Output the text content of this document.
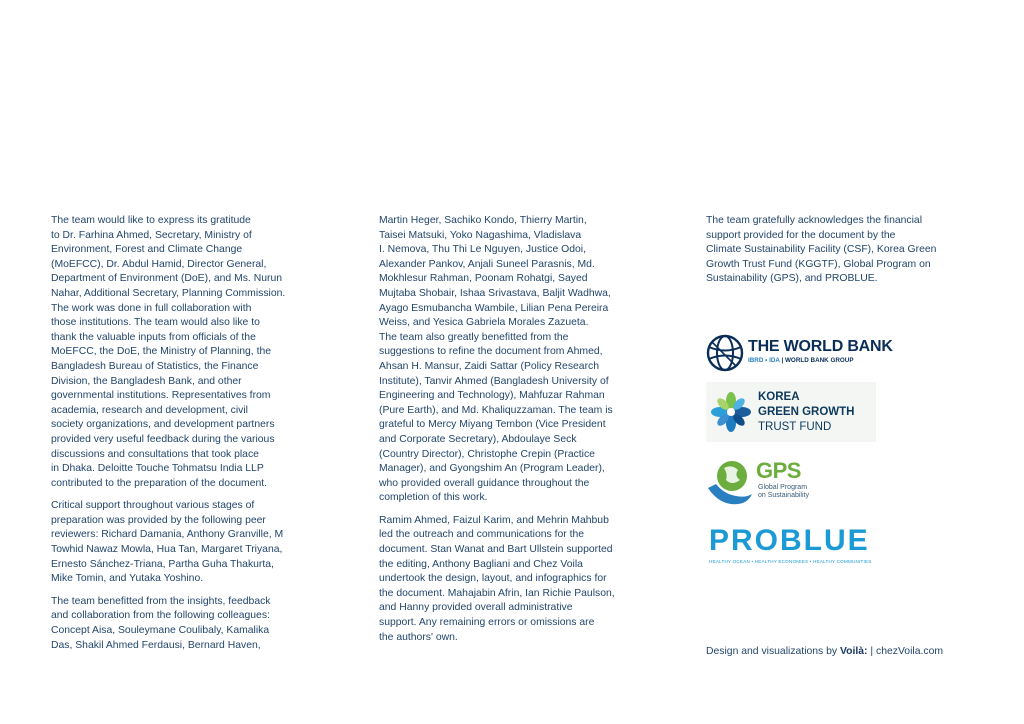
The team would like to express its gratitude
to Dr. Farhina Ahmed, Secretary, Ministry of
Environment, Forest and Climate Change
(MoEFCC), Dr. Abdul Hamid, Director General,
Department of Environment (DoE), and Ms. Nurun
Nahar, Additional Secretary, Planning Commission.
The work was done in full collaboration with
those institutions. The team would also like to
thank the valuable inputs from officials of the
MoEFCC, the DoE, the Ministry of Planning, the
Bangladesh Bureau of Statistics, the Finance
Division, the Bangladesh Bank, and other
governmental institutions. Representatives from
academia, research and development, civil
society organizations, and development partners
provided very useful feedback during the various
discussions and consultations that took place
in Dhaka. Deloitte Touche Tohmatsu India LLP
contributed to the preparation of the document.

Critical support throughout various stages of
preparation was provided by the following peer
reviewers: Richard Damania, Anthony Granville, M
Towhid Nawaz Mowla, Hua Tan, Margaret Triyana,
Ernesto Sánchez-Triana, Partha Guha Thakurta,
Mike Tomin, and Yutaka Yoshino.

The team benefitted from the insights, feedback
and collaboration from the following colleagues:
Concept Aisa, Souleymane Coulibaly, Kamalika
Das, Shakil Ahmed Ferdausi, Bernard Haven,

Martin Heger, Sachiko Kondo, Thierry Martin,
Taisei Matsuki, Yoko Nagashima, Vladislava
I. Nemova, Thu Thi Le Nguyen, Justice Odoi,
Alexander Pankov, Anjali Suneel Parasnis, Md.
Mokhlesur Rahman, Poonam Rohatgi, Sayed
Mujtaba Shobair, Ishaa Srivastava, Baljit Wadhwa,
Ayago Esmubancha Wambile, Lilian Pena Pereira
Weiss, and Yesica Gabriela Morales Zazueta.
The team also greatly benefitted from the
suggestions to refine the document from Ahmed,
Ahsan H. Mansur, Zaidi Sattar (Policy Research
Institute), Tanvir Ahmed (Bangladesh University of
Engineering and Technology), Mahfuzar Rahman
(Pure Earth), and Md. Khaliquzzaman. The team is
grateful to Mercy Miyang Tembon (Vice President
and Corporate Secretary), Abdoulaye Seck
(Country Director), Christophe Crepin (Practice
Manager), and Gyongshim An (Program Leader),
who provided overall guidance throughout the
completion of this work.

Ramim Ahmed, Faizul Karim, and Mehrin Mahbub
led the outreach and communications for the
document. Stan Wanat and Bart Ullstein supported
the editing, Anthony Bagliani and Chez Voila
undertook the design, layout, and infographics for
the document. Mahajabin Afrin, Ian Richie Paulson,
and Hanny provided overall administrative
support. Any remaining errors or omissions are
the authors' own.

The team gratefully acknowledges the financial
support provided for the document by the
Climate Sustainability Facility (CSF), Korea Green
Growth Trust Fund (KGGTF), Global Program on
Sustainability (GPS), and PROBLUE.

THE WORLD BANK
IBRD • IDA | WORLD BANK GROUP
KOREA
GREEN GROWTH
TRUST FUND
GPS
Global Program
on Sustainability
PROBLUE
HEALTHY OCEAN • HEALTHY ECONOMIES • HEALTHY COMMUNITIES
Design and visualizations by Voilà: | chezVoila.com
